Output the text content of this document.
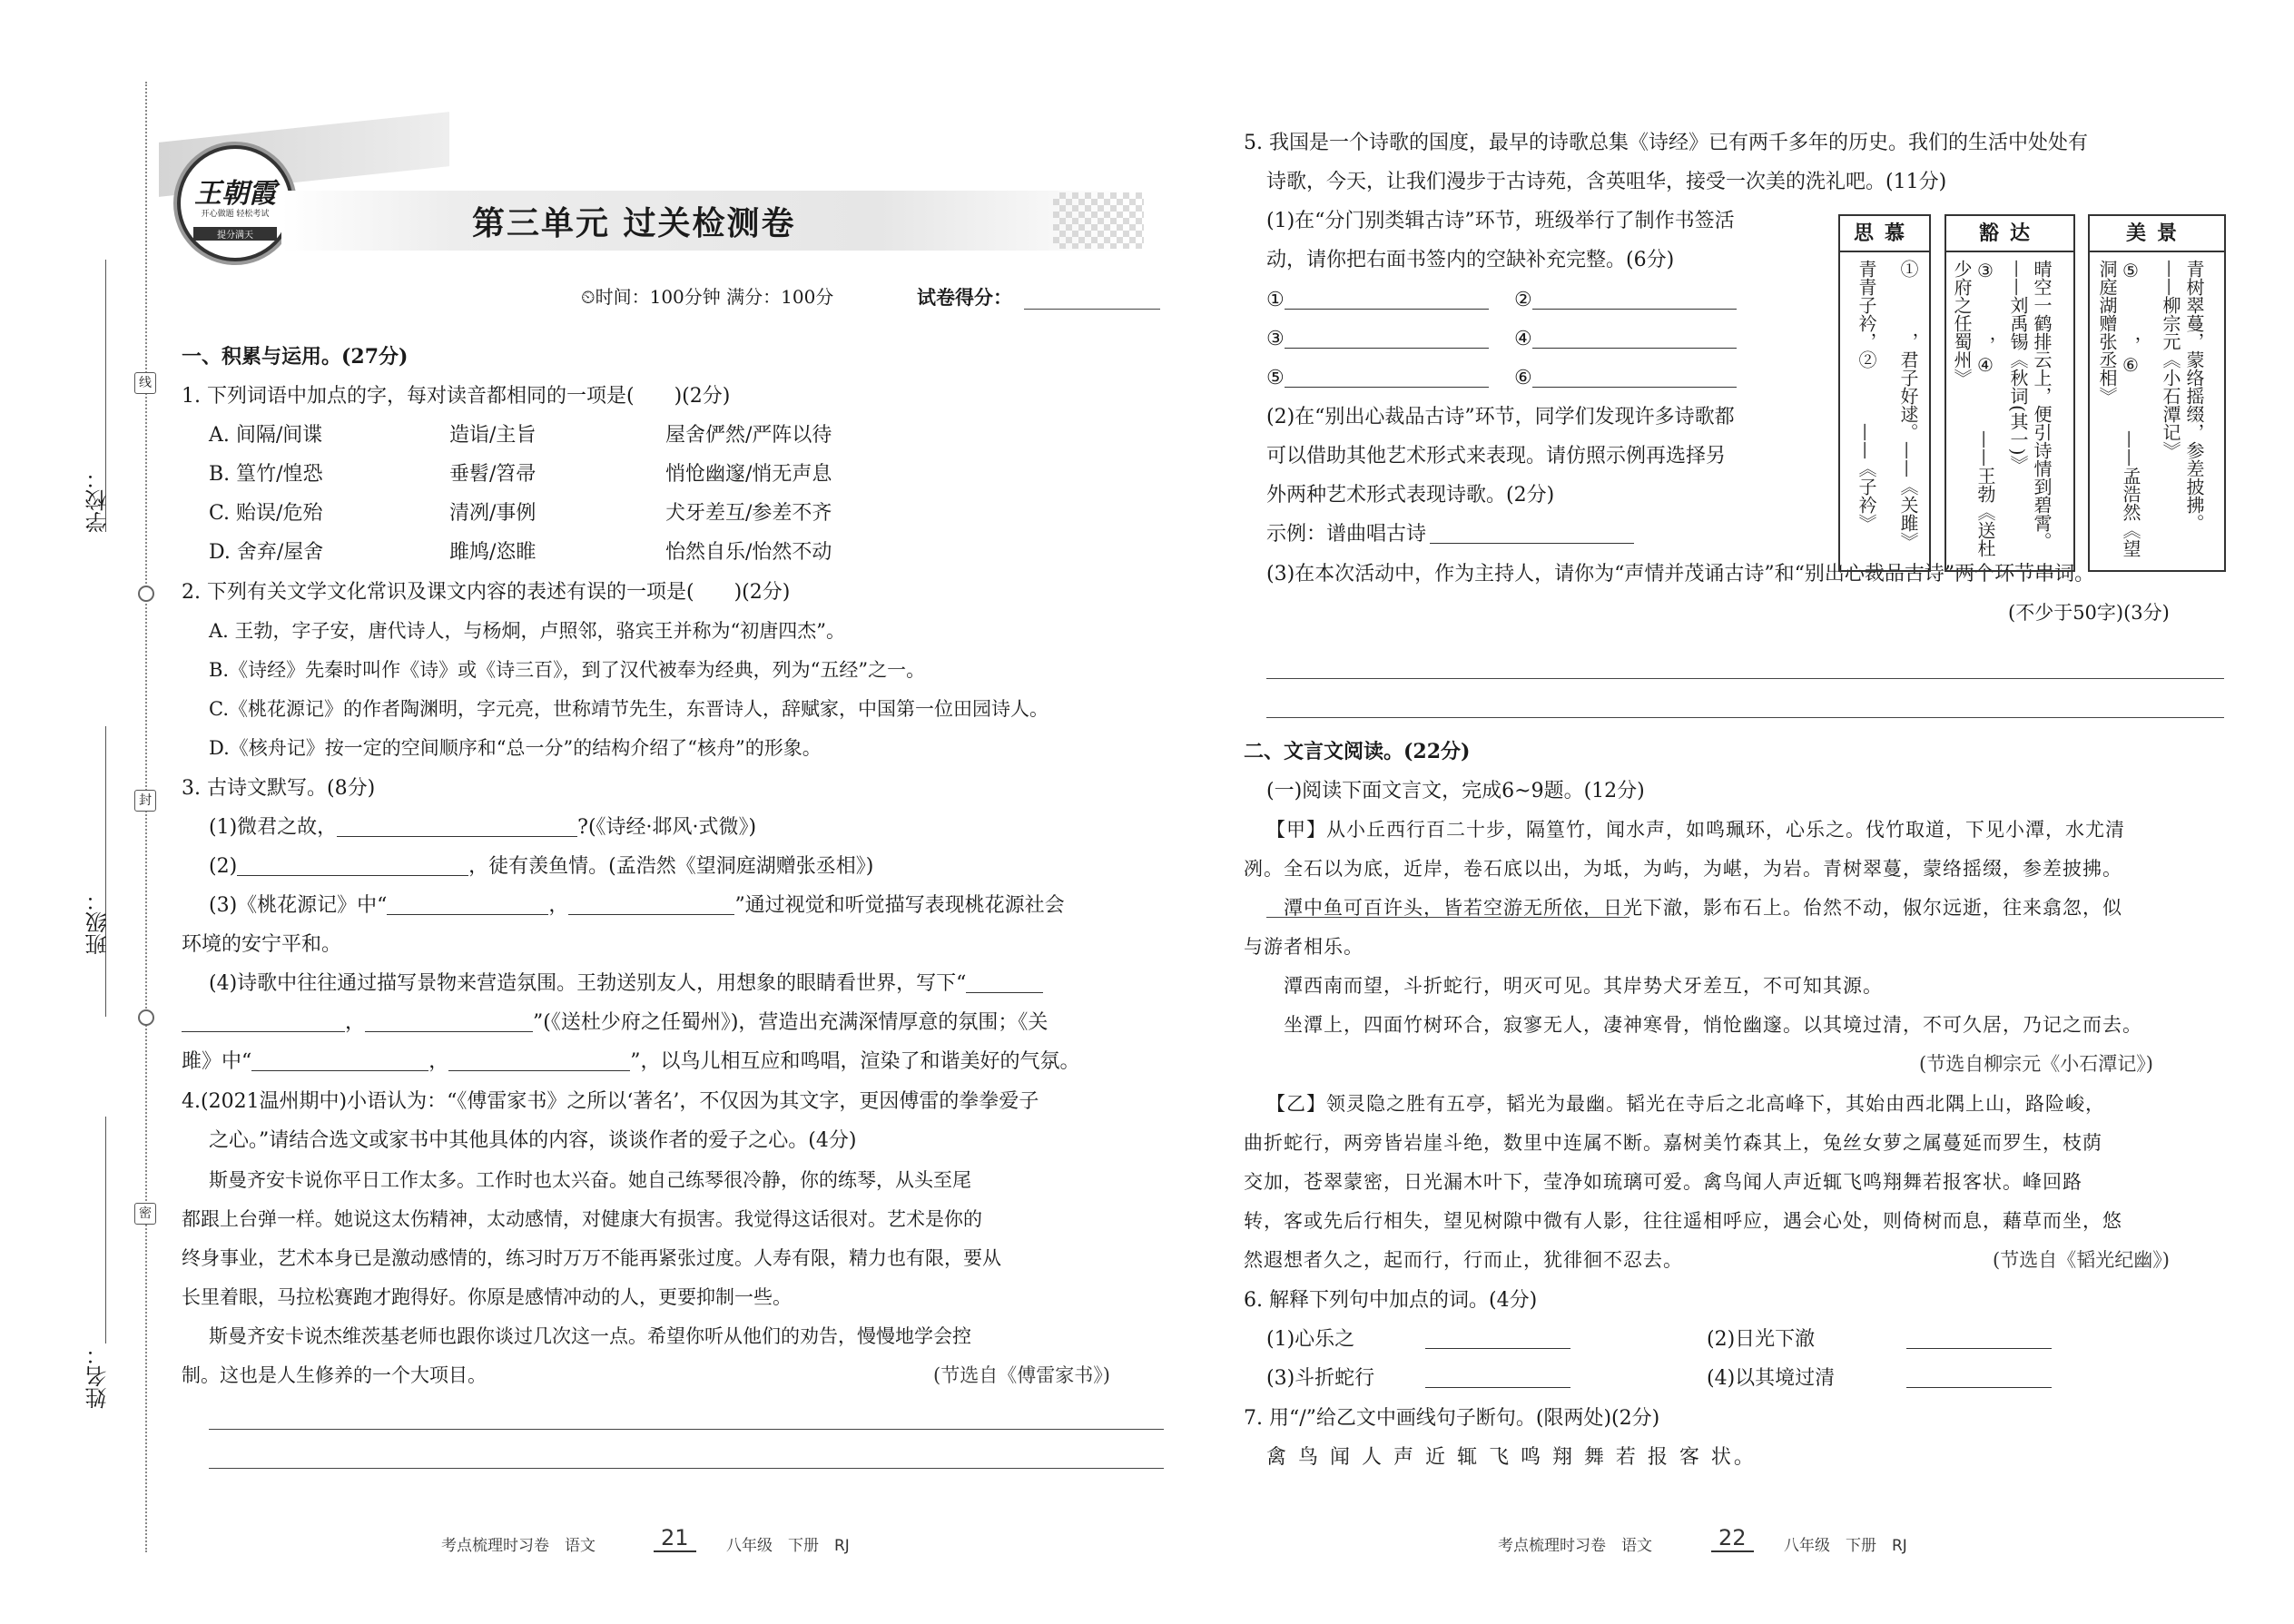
学校：
班级：
姓名：
线
封
密
王朝霞
开心做题 轻松考试
提分满天	第三单元 过关检测卷
⏲时间：100分钟 满分：100分	试卷得分：
一、积累与运用。(27分)
1. 下列词语中加点的字，每对读音都相同的一项是(　　)(2分)
A. 间隔/间谍	造诣/主旨	屋舍俨然/严阵以待
B. 篁竹/惶恐	垂髫/笤帚	悄怆幽邃/悄无声息
C. 贻误/危殆	清冽/事例	犬牙差互/参差不齐
D. 舍弃/屋舍	雎鸠/恣睢	怡然自乐/怡然不动
2. 下列有关文学文化常识及课文内容的表述有误的一项是(　　)(2分)
A. 王勃，字子安，唐代诗人，与杨炯，卢照邻，骆宾王并称为“初唐四杰”。
B.《诗经》先秦时叫作《诗》或《诗三百》，到了汉代被奉为经典，列为“五经”之一。
C.《桃花源记》的作者陶渊明，字元亮，世称靖节先生，东晋诗人，辞赋家，中国第一位田园诗人。
D.《核舟记》按一定的空间顺序和“总一分”的结构介绍了“核舟”的形象。
3. 古诗文默写。(8分)
(1)微君之故，	?(《诗经·邶风·式微》)
(2)	，徒有羡鱼情。(孟浩然《望洞庭湖赠张丞相》)
(3)《桃花源记》中“	，	”通过视觉和听觉描写表现桃花源社会
环境的安宁平和。
(4)诗歌中往往通过描写景物来营造氛围。王勃送别友人，用想象的眼睛看世界，写下“
，	”(《送杜少府之任蜀州》)，营造出充满深情厚意的氛围；《关
雎》中“	，	”，以鸟儿相互应和鸣唱，渲染了和谐美好的气氛。
4.(2021温州期中)小语认为：“《傅雷家书》之所以‘著名’，不仅因为其文字，更因傅雷的拳拳爱子
之心。”请结合选文或家书中其他具体的内容，谈谈作者的爱子之心。(4分)
斯曼齐安卡说你平日工作太多。工作时也太兴奋。她自己练琴很冷静，你的练琴，从头至尾
都跟上台弹一样。她说这太伤精神，太动感情，对健康大有损害。我觉得这话很对。艺术是你的
终身事业，艺术本身已是激动感情的，练习时万万不能再紧张过度。人寿有限，精力也有限，要从
长里着眼，马拉松赛跑才跑得好。你原是感情冲动的人，更要抑制一些。
斯曼齐安卡说杰维茨基老师也跟你谈过几次这一点。希望你听从他们的劝告，慢慢地学会控
制。这也是人生修养的一个大项目。	(节选自《傅雷家书》)
5. 我国是一个诗歌的国度，最早的诗歌总集《诗经》已有两千多年的历史。我们的生活中处处有
诗歌，今天，让我们漫步于古诗苑，含英咀华，接受一次美的洗礼吧。(11分)
(1)在“分门别类辑古诗”环节，班级举行了制作书签活
动，请你把右面书签内的空缺补充完整。(6分)
①	②
③	④
⑤	⑥
(2)在“别出心裁品古诗”环节，同学们发现许多诗歌都
可以借助其他艺术形式来表现。请仿照示例再选择另
外两种艺术形式表现诗歌。(2分)
示例：谱曲唱古诗
(3)在本次活动中，作为主持人，请你为“声情并茂诵古诗”和“别出心裁品古诗”两个环节串词。
(不少于50字)(3分)
思慕
①　　　，君子好逑。——《关雎》
青青子衿，②　　　——《子衿》
豁达
晴空一鹤排云上，便引诗情到碧霄。——刘禹锡《秋词(其一)》
③　　　，④　　　——王勃《送杜少府之任蜀州》
美景
青树翠蔓，蒙络摇缀，参差披拂。——柳宗元《小石潭记》
⑤　　　，⑥　　　——孟浩然《望洞庭湖赠张丞相》
二、文言文阅读。(22分)
(一)阅读下面文言文，完成6~9题。(12分)
【甲】从小丘西行百二十步，隔篁竹，闻水声，如鸣珮环，心乐之。伐竹取道，下见小潭，水尤清
冽。全石以为底，近岸，卷石底以出，为坻，为屿，为嵁，为岩。青树翠蔓，蒙络摇缀，参差披拂。
　　潭中鱼可百许头，皆若空游无所依，日光下澈，影布石上。佁然不动，俶尔远逝，往来翕忽，似
与游者相乐。
　　潭西南而望，斗折蛇行，明灭可见。其岸势犬牙差互，不可知其源。
　　坐潭上，四面竹树环合，寂寥无人，凄神寒骨，悄怆幽邃。以其境过清，不可久居，乃记之而去。
(节选自柳宗元《小石潭记》)
【乙】领灵隐之胜有五亭，韬光为最幽。韬光在寺后之北高峰下，其始由西北隅上山，路险峻，
曲折蛇行，两旁皆岩崖斗绝，数里中连属不断。嘉树美竹森其上，兔丝女萝之属蔓延而罗生，枝荫
交加，苍翠蒙密，日光漏木叶下，莹净如琉璃可爱。禽鸟闻人声近辄飞鸣翔舞若报客状。峰回路
转，客或先后行相失，望见树隙中微有人影，往往遥相呼应，遇会心处，则倚树而息，藉草而坐，悠
然遐想者久之，起而行，行而止，犹徘徊不忍去。	(节选自《韬光纪幽》)
6. 解释下列句中加点的词。(4分)
(1)心乐之	(2)日光下澈
(3)斗折蛇行	(4)以其境过清
7. 用“/”给乙文中画线句子断句。(限两处)(2分)
禽 鸟 闻 人 声 近 辄 飞 鸣 翔 舞 若 报 客 状。
考点梳理时习卷　语文	21	八年级　下册　RJ	考点梳理时习卷　语文	22	八年级　下册　RJ
